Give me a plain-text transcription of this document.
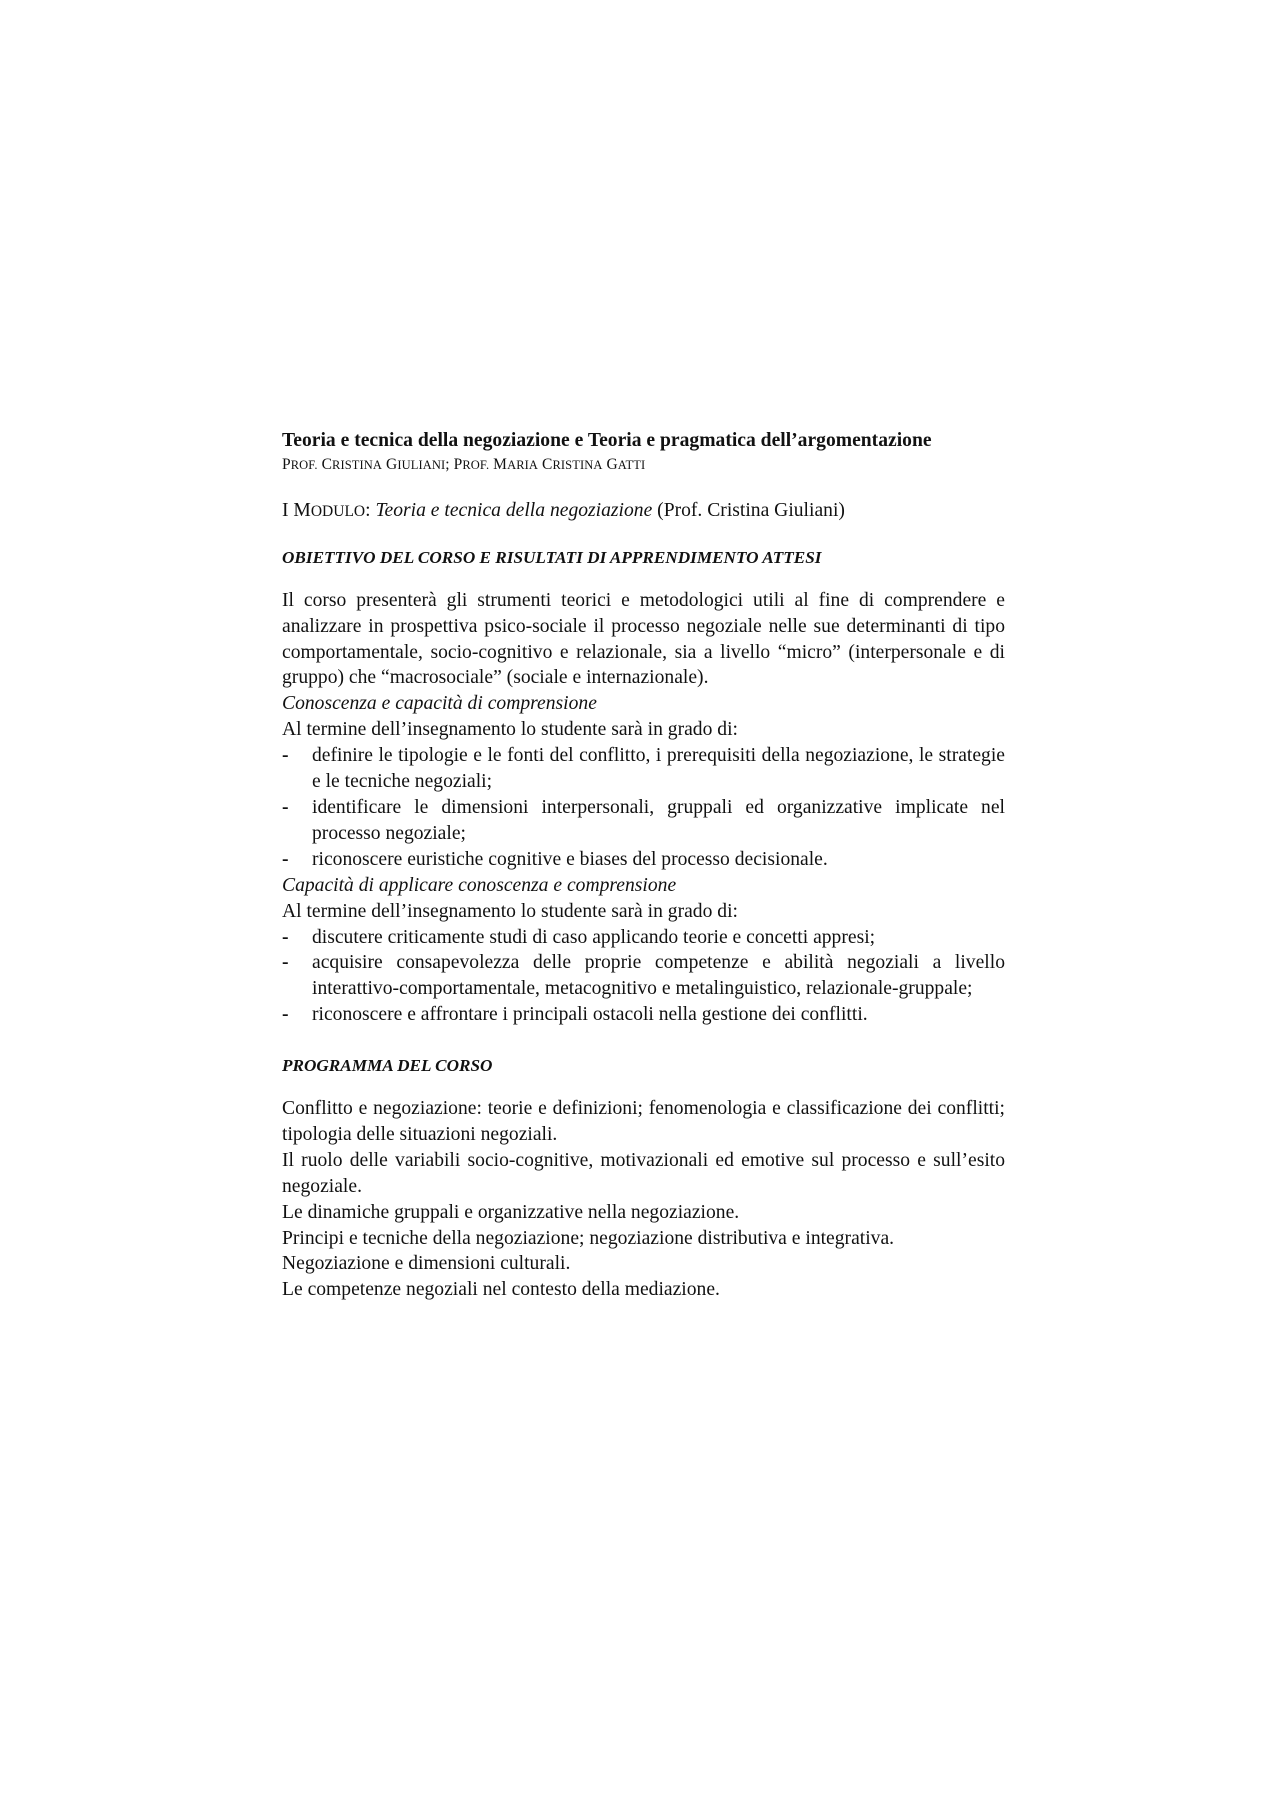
Teoria e tecnica della negoziazione e Teoria e pragmatica dell’argomentazione
PROF. CRISTINA GIULIANI; PROF. MARIA CRISTINA GATTI
I MODULO: Teoria e tecnica della negoziazione (Prof. Cristina Giuliani)
OBIETTIVO DEL CORSO E RISULTATI DI APPRENDIMENTO ATTESI

Il corso presenterà gli strumenti teorici e metodologici utili al fine di comprendere e analizzare in prospettiva psico-sociale il processo negoziale nelle sue determinanti di tipo comportamentale, socio-cognitivo e relazionale, sia a livello “micro” (interpersonale e di gruppo) che “macrosociale” (sociale e internazionale).

Conoscenza e capacità di comprensione
Al termine dell’insegnamento lo studente sarà in grado di:
- definire le tipologie e le fonti del conflitto, i prerequisiti della negoziazione, le strategie e le tecniche negoziali;
- identificare le dimensioni interpersonali, gruppali ed organizzative implicate nel processo negoziale;
- riconoscere euristiche cognitive e biases del processo decisionale.
Capacità di applicare conoscenza e comprensione
Al termine dell’insegnamento lo studente sarà in grado di:
- discutere criticamente studi di caso applicando teorie e concetti appresi;
- acquisire consapevolezza delle proprie competenze e abilità negoziali a livello interattivo-comportamentale, metacognitivo e metalinguistico, relazionale-gruppale;
- riconoscere e affrontare i principali ostacoli nella gestione dei conflitti.
PROGRAMMA DEL CORSO

Conflitto e negoziazione: teorie e definizioni; fenomenologia e classificazione dei conflitti; tipologia delle situazioni negoziali.

Il ruolo delle variabili socio-cognitive, motivazionali ed emotive sul processo e sull’esito negoziale.

Le dinamiche gruppali e organizzative nella negoziazione.

Principi e tecniche della negoziazione; negoziazione distributiva e integrativa.

Negoziazione e dimensioni culturali.

Le competenze negoziali nel contesto della mediazione.
